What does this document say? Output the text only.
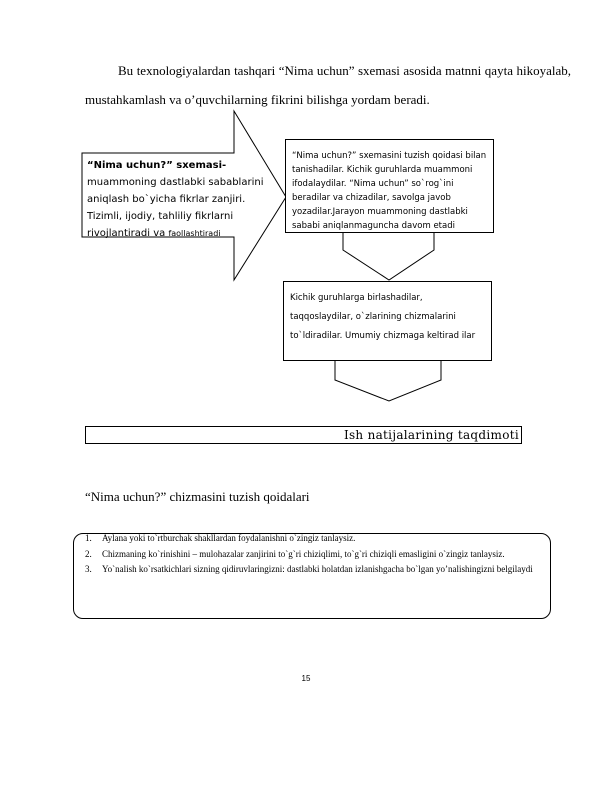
Bu texnologiyalardan tashqari “Nima uchun” sxemasi asosida matnni qayta hikoyalab, mustahkamlash va o’quvchilarning fikrini bilishga yordam beradi.
“Nima uchun?” sxemasi- muammoning dastlabki sabablarini aniqlash bo`yicha fikrlar zanjiri. Tizimli, ijodiy, tahliliy fikrlarni rivojlantiradi va faollashtiradi
“Nima uchun?” sxemasini tuzish qoidasi bilan tanishadilar. Kichik guruhlarda muammoni ifodalaydilar. “Nima uchun” so`rog`ini beradilar va chizadilar, savolga javob yozadilar.Jarayon muammoning dastlabki sababi aniqlanmaguncha davom etadi
Kichik guruhlarga birlashadilar, taqqoslaydilar, o`zlarining chizmalarini to`ldiradilar. Umumiy chizmaga keltirad ilar
Ish natijalarining taqdimoti
“Nima uchun?” chizmasini tuzish qoidalari
1. Aylana yoki to`rtburchak shakllardan foydalanishni o`zingiz tanlaysiz.
2. Chizmaning ko`rinishini – mulohazalar zanjirini to`g`ri chiziqlimi, to`g`ri chiziqli emasligini o`zingiz tanlaysiz.
3. Yo`nalish ko`rsatkichlari sizning qidiruvlaringizni: dastlabki holatdan izlanishgacha bo`lgan yo’nalishingizni belgilaydi
15
